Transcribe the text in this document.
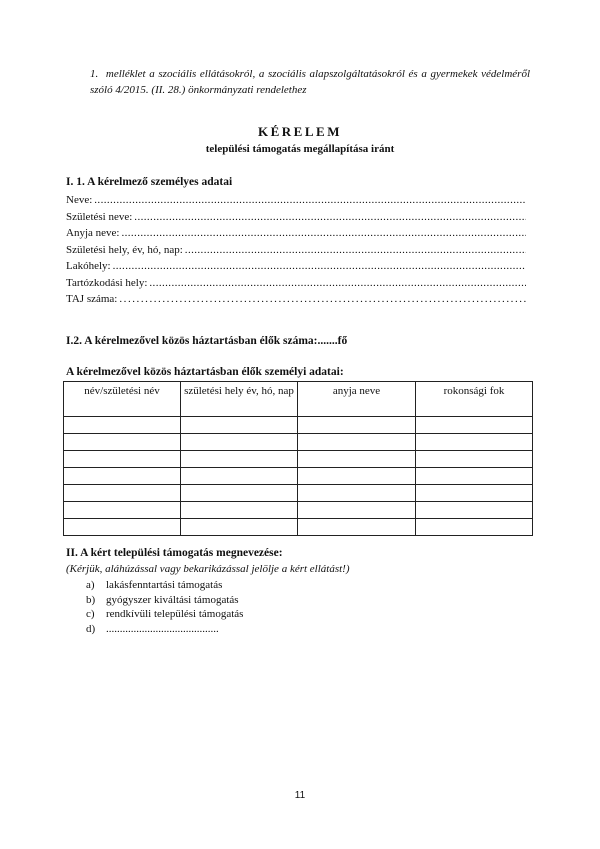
1. melléklet a szociális ellátásokról, a szociális alapszolgáltatásokról és a gyermekek védelméről szóló 4/2015. (II. 28.) önkormányzati rendelethez
KÉRELEM
települési támogatás megállapítása iránt
I. 1. A kérelmező személyes adatai
Neve:
.....
Születési neve:
.....
Anyja neve:
.....
Születési hely, év, hó, nap:
.....
Lakóhely:
.....
Tartózkodási hely:
.....
TAJ száma:
. . .
I.2. A kérelmezővel közös háztartásban élők száma:.......fő
A kérelmezővel közös háztartásban élők személyi adatai:
név/születési név	születési hely év, hó, nap	anyja neve	rokonsági fok

II. A kért települési támogatás megnevezése:
(Kérjük, aláhúzással vagy bekarikázással jelölje a kért ellátást!)
a) lakásfenntartási támogatás
b) gyógyszer kiváltási támogatás
c) rendkívüli települési támogatás
d) .........................................
11
